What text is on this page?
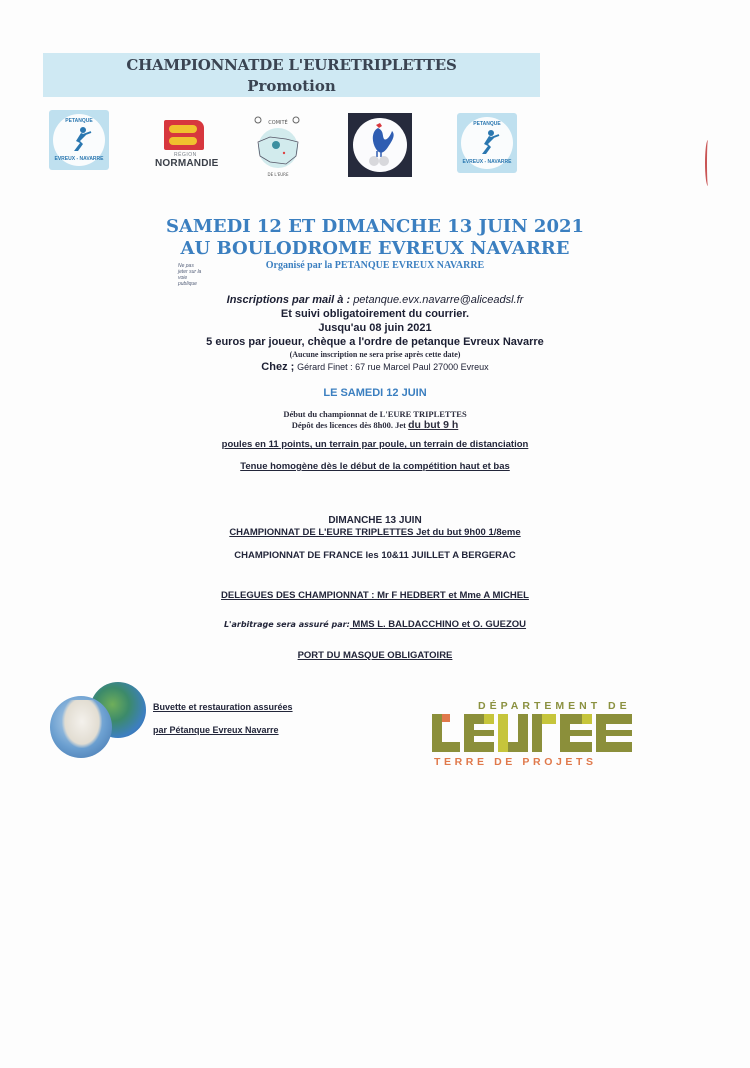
CHAMPIONNATDE L'EURETRIPLETTES
Promotion
PETANQUE
EVREUX - NAVARRE
RÉGION
NORMANDIE
COMITÉ
DE L'EURE
PETANQUE
EVREUX - NAVARRE
SAMEDI 12 ET DIMANCHE 13 JUIN 2021
AU BOULODROME EVREUX NAVARRE
Organisé par la PETANQUE EVREUX NAVARRE
Ne pas
jeter sur la
voie
publique
Inscriptions par mail à : petanque.evx.navarre@aliceadsl.fr
Et suivi obligatoirement du courrier.
Jusqu'au 08 juin 2021
5 euros par joueur, chèque a l'ordre de petanque Evreux Navarre
(Aucune inscription ne sera prise après cette date)
Chez ; Gérard Finet : 67 rue Marcel Paul 27000 Evreux
LE SAMEDI 12 JUIN
Début du championnat de L'EURE TRIPLETTES
Dépôt des licences dès 8h00. Jet du but 9 h
poules en 11 points, un terrain par poule, un terrain de distanciation
Tenue homogène dès le début de la compétition haut et bas
DIMANCHE 13 JUIN
CHAMPIONNAT DE L'EURE TRIPLETTES Jet du but 9h00 1/8eme
CHAMPIONNAT DE FRANCE les 10&11 JUILLET A BERGERAC
DELEGUES DES CHAMPIONNAT : Mr F HEDBERT et Mme A MICHEL
L'arbitrage sera assuré par: MMS L. BALDACCHINO et O. GUEZOU
PORT DU MASQUE OBLIGATOIRE
Buvette et restauration assurées
par Pétanque Evreux Navarre
DÉPARTEMENT DE
TERRE DE PROJETS
